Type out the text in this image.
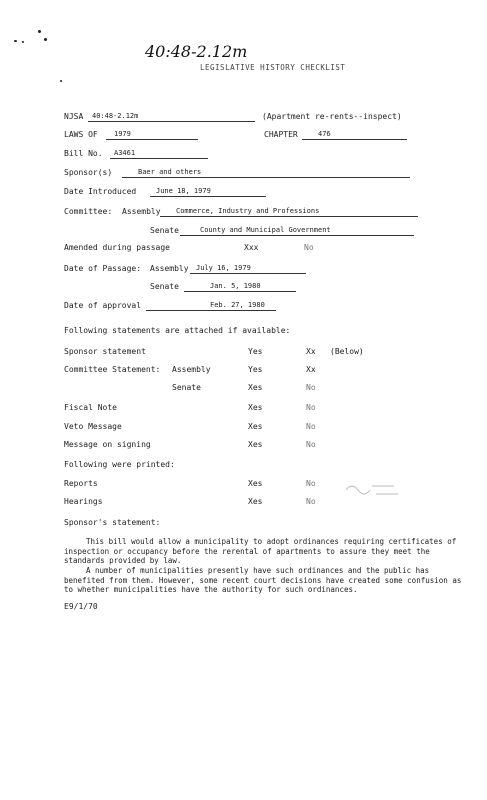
40:48-2.12m
LEGISLATIVE HISTORY CHECKLIST
NJSA 40:48-2.12m	(Apartment re-rents--inspect)
LAWS OF 1979	CHAPTER	476
Bill No. A3461
Sponsor(s)	Baer and others
Date Introduced	June 18, 1979
Committee: Assembly Commerce, Industry and Professions
Senate	County and Municipal Government
Amended during passage	Xxx	No
Date of Passage: Assembly July 16, 1979
Senate	Jan. 5, 1980
Date of approval	Feb. 27, 1980
Following statements are attached if available:
Sponsor statement	Yes	Xx (Below)
Committee Statement: Assembly	Yes	Xx
Senate	Xes	No
Fiscal Note	Xes	No
Veto Message	Xes	No
Message on signing	Xes	No
Following were printed:
Reports	Xes	No
Hearings	Xes	No
Sponsor's statement:
This bill would allow a municipality to adopt ordinances requiring certificates of inspection or occupancy before the rerental of apartments to assure they meet the standards provided by law.
A number of municipalities presently have such ordinances and the public has benefited from them. However, some recent court decisions have created some confusion as to whether municipalities have the authority for such ordinances.
E9/1/70
